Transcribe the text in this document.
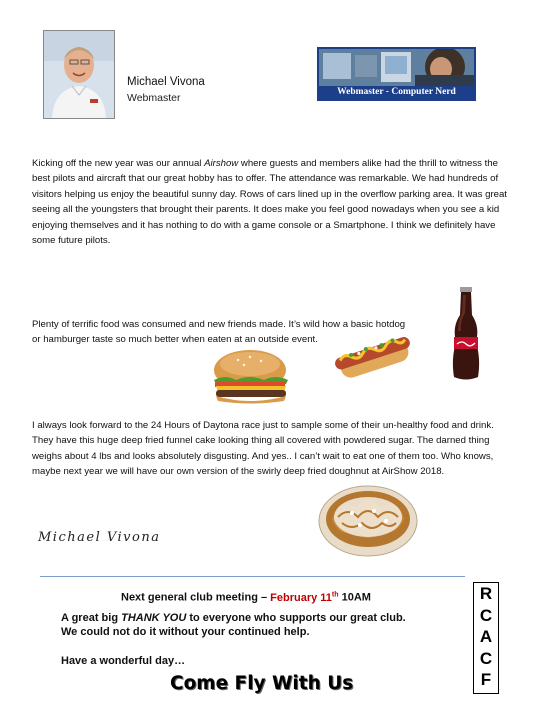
Michael Vivona
Webmaster	Webmaster - Computer Nerd

Kicking off the new year was our annual Airshow where guests and members alike had the thrill to witness the best pilots and aircraft that our great hobby has to offer. The attendance was remarkable. We had hundreds of visitors helping us enjoy the beautiful sunny day. Rows of cars lined up in the overflow parking area. It was great seeing all the youngsters that brought their parents. It does make you feel good nowadays when you see a kid enjoying themselves and it has nothing to do with a game console or a Smartphone. I think we definitely have some future pilots.

Plenty of terrific food was consumed and new friends made. It’s wild how a basic hotdog or hamburger taste so much better when eaten at an outside event.

I always look forward to the 24 Hours of Daytona race just to sample some of their un-healthy food and drink. They have this huge deep fried funnel cake looking thing all covered with powdered sugar. The darned thing weighs about 4 lbs and looks absolutely disgusting. And yes.. I can’t wait to eat one of them too. Who knows, maybe next year we will have our own version of the swirly deep fried doughnut at AirShow 2018.

Michael Vivona
Next general club meeting – February 11th 10AM

A great big THANK YOU to everyone who supports our great club.
We could not do it without your continued help.

Have a wonderful day…
Come Fly With Us
R
C
A
C
F
